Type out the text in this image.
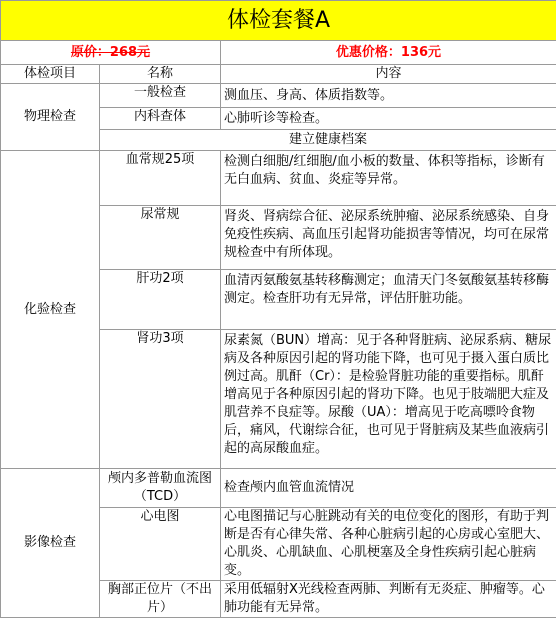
体检套餐A		
原价：268元		优惠价格：136元
体检项目	名称	内容
物理检查	一般检查	测血压、身高、体质指数等。
	内科查体	心肺听诊等检查。
	建立健康档案	
化验检查	血常规25项	检测白细胞/红细胞/血小板的数量、体积等指标，诊断有无白血病、贫血、炎症等异常。
	尿常规	肾炎、肾病综合征、泌尿系统肿瘤、泌尿系统感染、自身免疫性疾病、高血压引起肾功能损害等情况，均可在尿常规检查中有所体现。
	肝功2项	血清丙氨酸氨基转移酶测定；血清天门冬氨酸氨基转移酶测定。检查肝功有无异常，评估肝脏功能。
	肾功3项	尿素氮（BUN）增高：见于各种肾脏病、泌尿系病、糖尿病及各种原因引起的肾功能下降，也可见于摄入蛋白质比例过高。肌酐（Cr）：是检验肾脏功能的重要指标。肌酐增高见于各种原因引起的肾功下降。也见于肢端肥大症及肌营养不良症等。尿酸（UA）：增高见于吃高嘌呤食物后，痛风，代谢综合征，也可见于肾脏病及某些血液病引起的高尿酸血症。
影像检查	颅内多普勒血流图（TCD）	检查颅内血管血流情况
	心电图	心电图描记与心脏跳动有关的电位变化的图形，有助于判断是否有心律失常、各种心脏病引起的心房或心室肥大、心肌炎、心肌缺血、心肌梗塞及全身性疾病引起心脏病变。
	胸部正位片（不出片）	采用低辐射X光线检查两肺、判断有无炎症、肿瘤等。心肺功能有无异常。
